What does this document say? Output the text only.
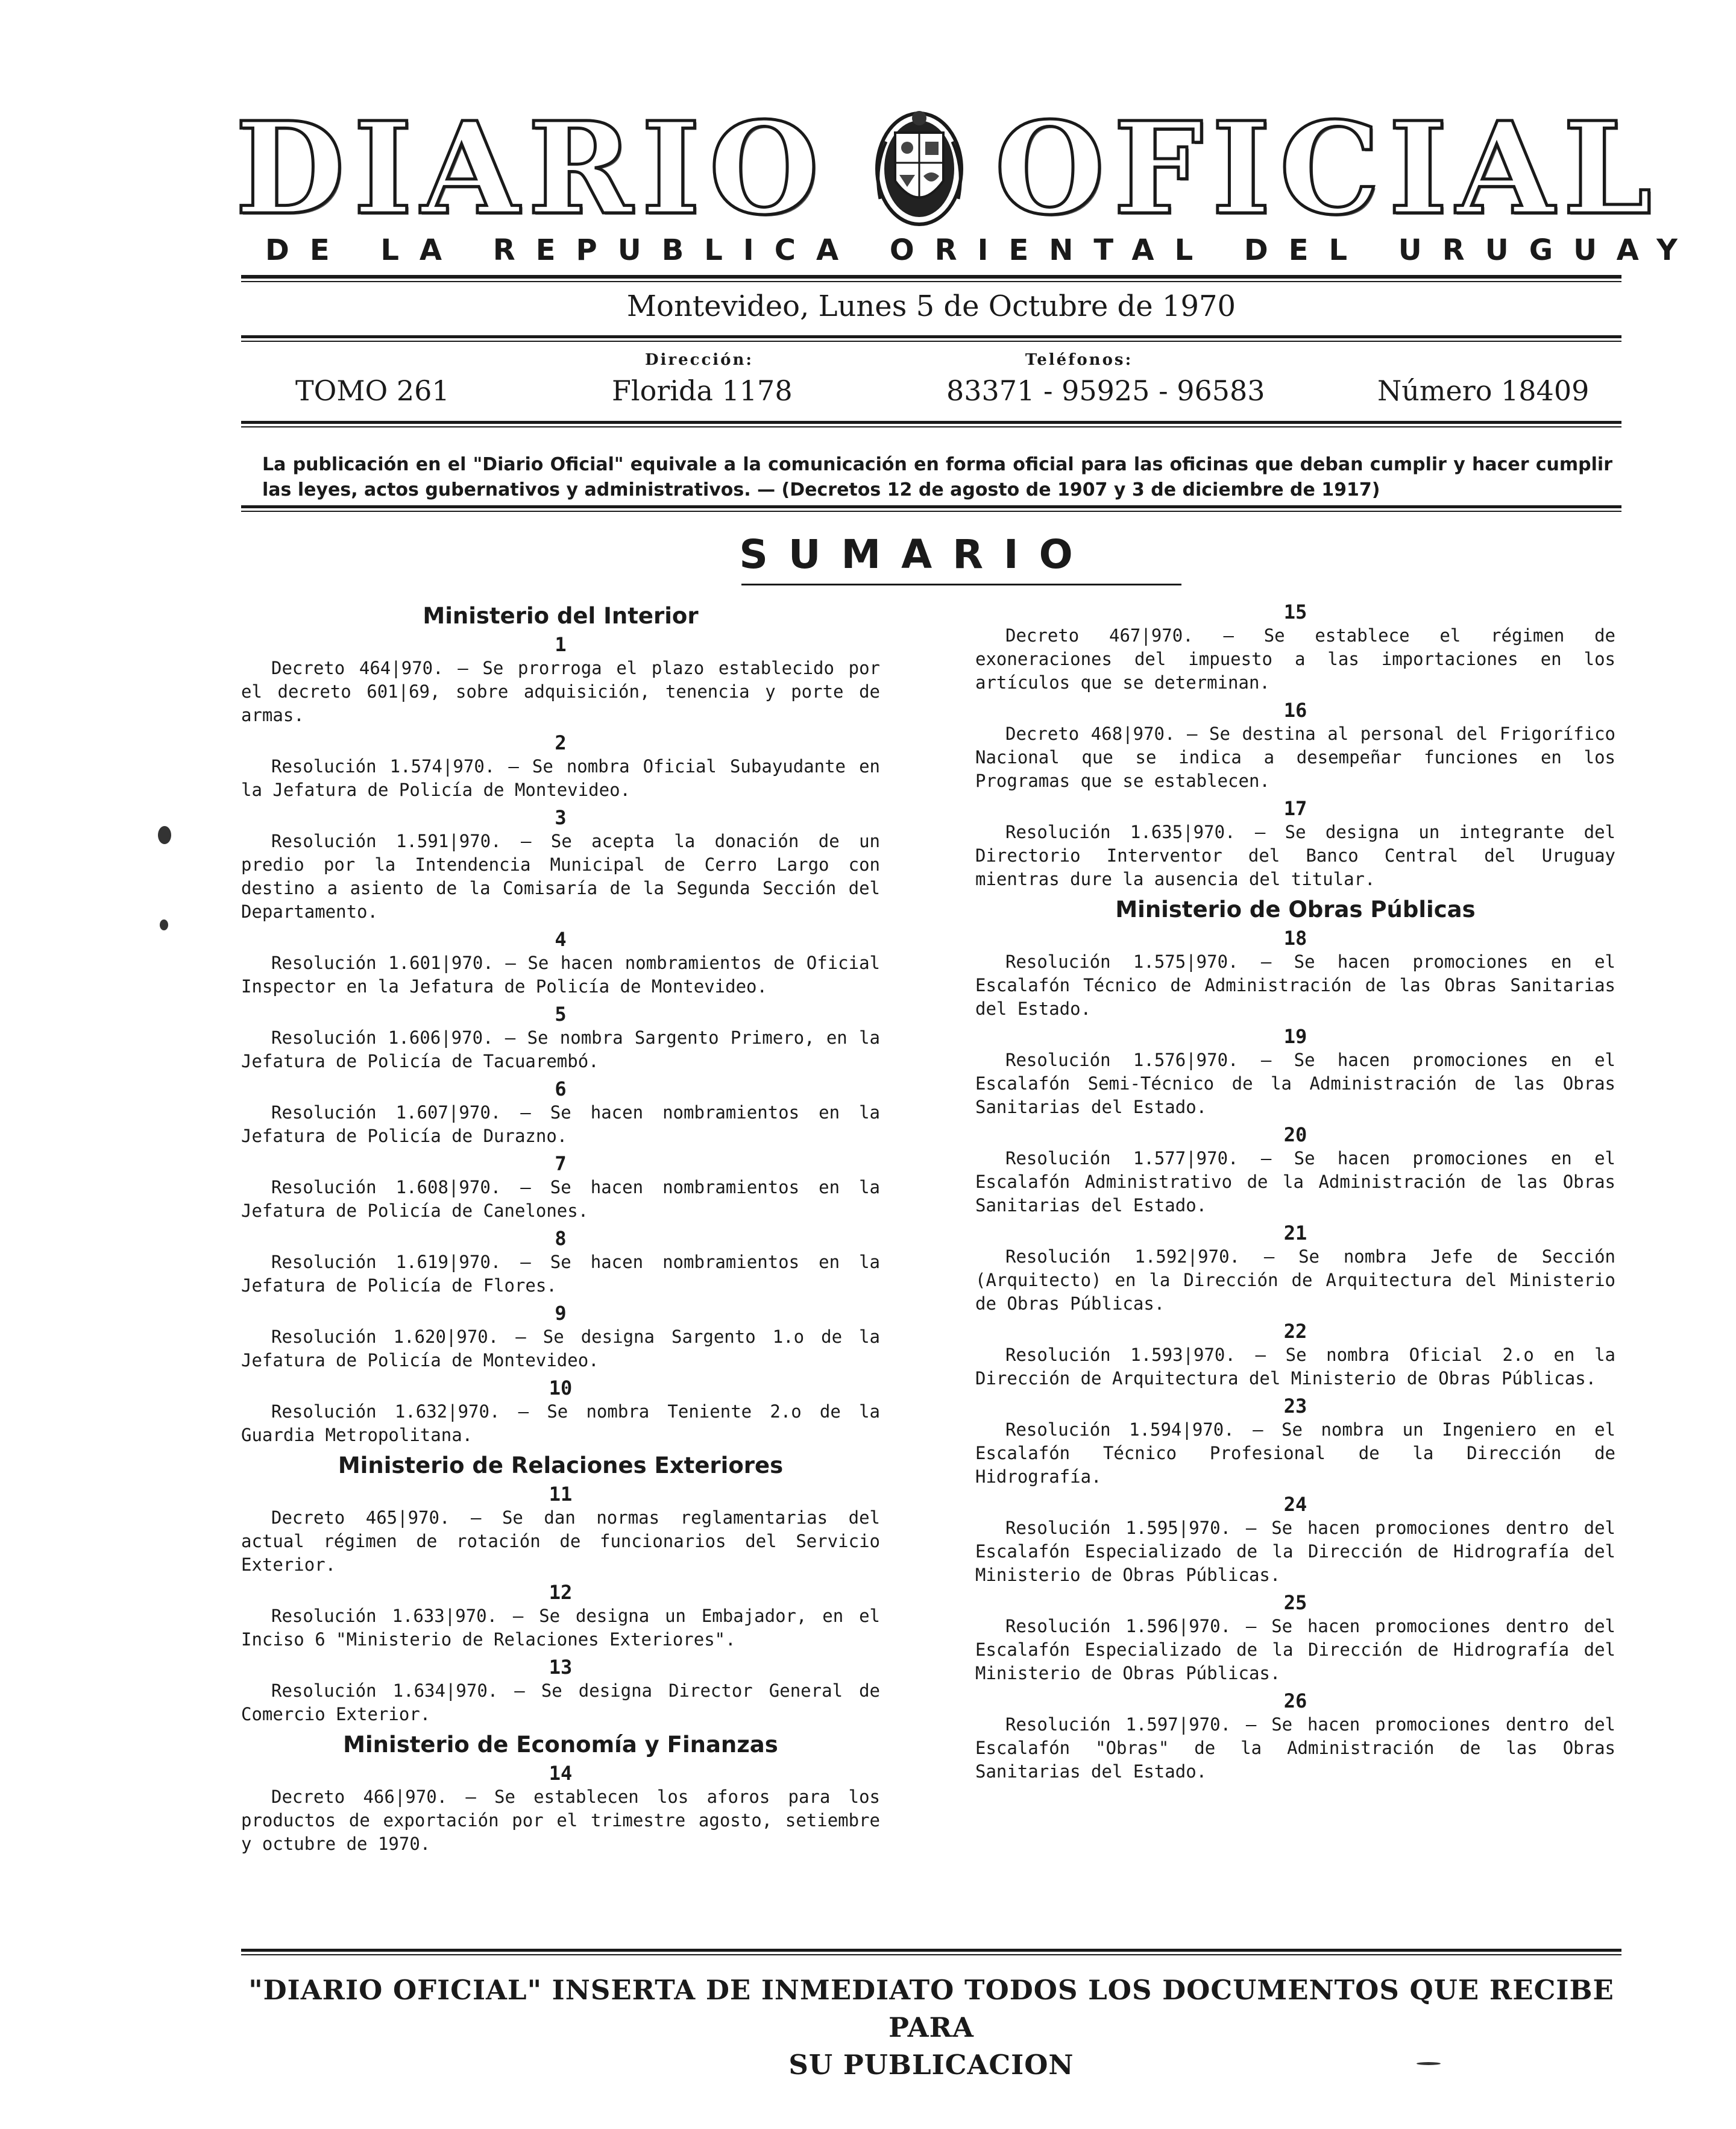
DIARIO OFICIAL
DE LA REPUBLICA ORIENTAL DEL URUGUAY
Montevideo, Lunes 5 de Octubre de 1970
Dirección:	Teléfonos:
TOMO 261	Florida 1178	83371 - 95925 - 96583	Número 18409
La publicación en el "Diario Oficial" equivale a la comunicación en forma oficial para las oficinas que deban cumplir y hacer cumplir las leyes, actos gubernativos y administrativos. — (Decretos 12 de agosto de 1907 y 3 de diciembre de 1917)
SUMARIO
Ministerio del Interior
1
Decreto 464|970. — Se prorroga el plazo establecido por el decreto 601|69, sobre adquisición, tenencia y porte de armas.
2
Resolución 1.574|970. — Se nombra Oficial Subayudante en la Jefatura de Policía de Montevideo.
3
Resolución 1.591|970. — Se acepta la donación de un predio por la Intendencia Municipal de Cerro Largo con destino a asiento de la Comisaría de la Segunda Sección del Departamento.
4
Resolución 1.601|970. — Se hacen nombramientos de Oficial Inspector en la Jefatura de Policía de Montevideo.
5
Resolución 1.606|970. — Se nombra Sargento Primero, en la Jefatura de Policía de Tacuarembó.
6
Resolución 1.607|970. — Se hacen nombramientos en la Jefatura de Policía de Durazno.
7
Resolución 1.608|970. — Se hacen nombramientos en la Jefatura de Policía de Canelones.
8
Resolución 1.619|970. — Se hacen nombramientos en la Jefatura de Policía de Flores.
9
Resolución 1.620|970. — Se designa Sargento 1.o de la Jefatura de Policía de Montevideo.
10
Resolución 1.632|970. — Se nombra Teniente 2.o de la Guardia Metropolitana.
Ministerio de Relaciones Exteriores
11
Decreto 465|970. — Se dan normas reglamentarias del actual régimen de rotación de funcionarios del Servicio Exterior.
12
Resolución 1.633|970. — Se designa un Embajador, en el Inciso 6 "Ministerio de Relaciones Exteriores".
13
Resolución 1.634|970. — Se designa Director General de Comercio Exterior.
Ministerio de Economía y Finanzas
14
Decreto 466|970. — Se establecen los aforos para los productos de exportación por el trimestre agosto, setiembre y octubre de 1970.
15
Decreto 467|970. — Se establece el régimen de exoneraciones del impuesto a las importaciones en los artículos que se determinan.
16
Decreto 468|970. — Se destina al personal del Frigorífico Nacional que se indica a desempeñar funciones en los Programas que se establecen.
17
Resolución 1.635|970. — Se designa un integrante del Directorio Interventor del Banco Central del Uruguay mientras dure la ausencia del titular.
Ministerio de Obras Públicas
18
Resolución 1.575|970. — Se hacen promociones en el Escalafón Técnico de Administración de las Obras Sanitarias del Estado.
19
Resolución 1.576|970. — Se hacen promociones en el Escalafón Semi-Técnico de la Administración de las Obras Sanitarias del Estado.
20
Resolución 1.577|970. — Se hacen promociones en el Escalafón Administrativo de la Administración de las Obras Sanitarias del Estado.
21
Resolución 1.592|970. — Se nombra Jefe de Sección (Arquitecto) en la Dirección de Arquitectura del Ministerio de Obras Públicas.
22
Resolución 1.593|970. — Se nombra Oficial 2.o en la Dirección de Arquitectura del Ministerio de Obras Públicas.
23
Resolución 1.594|970. — Se nombra un Ingeniero en el Escalafón Técnico Profesional de la Dirección de Hidrografía.
24
Resolución 1.595|970. — Se hacen promociones dentro del Escalafón Especializado de la Dirección de Hidrografía del Ministerio de Obras Públicas.
25
Resolución 1.596|970. — Se hacen promociones dentro del Escalafón Especializado de la Dirección de Hidrografía del Ministerio de Obras Públicas.
26
Resolución 1.597|970. — Se hacen promociones dentro del Escalafón "Obras" de la Administración de las Obras Sanitarias del Estado.
"DIARIO OFICIAL" INSERTA DE INMEDIATO TODOS LOS DOCUMENTOS QUE RECIBE PARA
SU PUBLICACION
